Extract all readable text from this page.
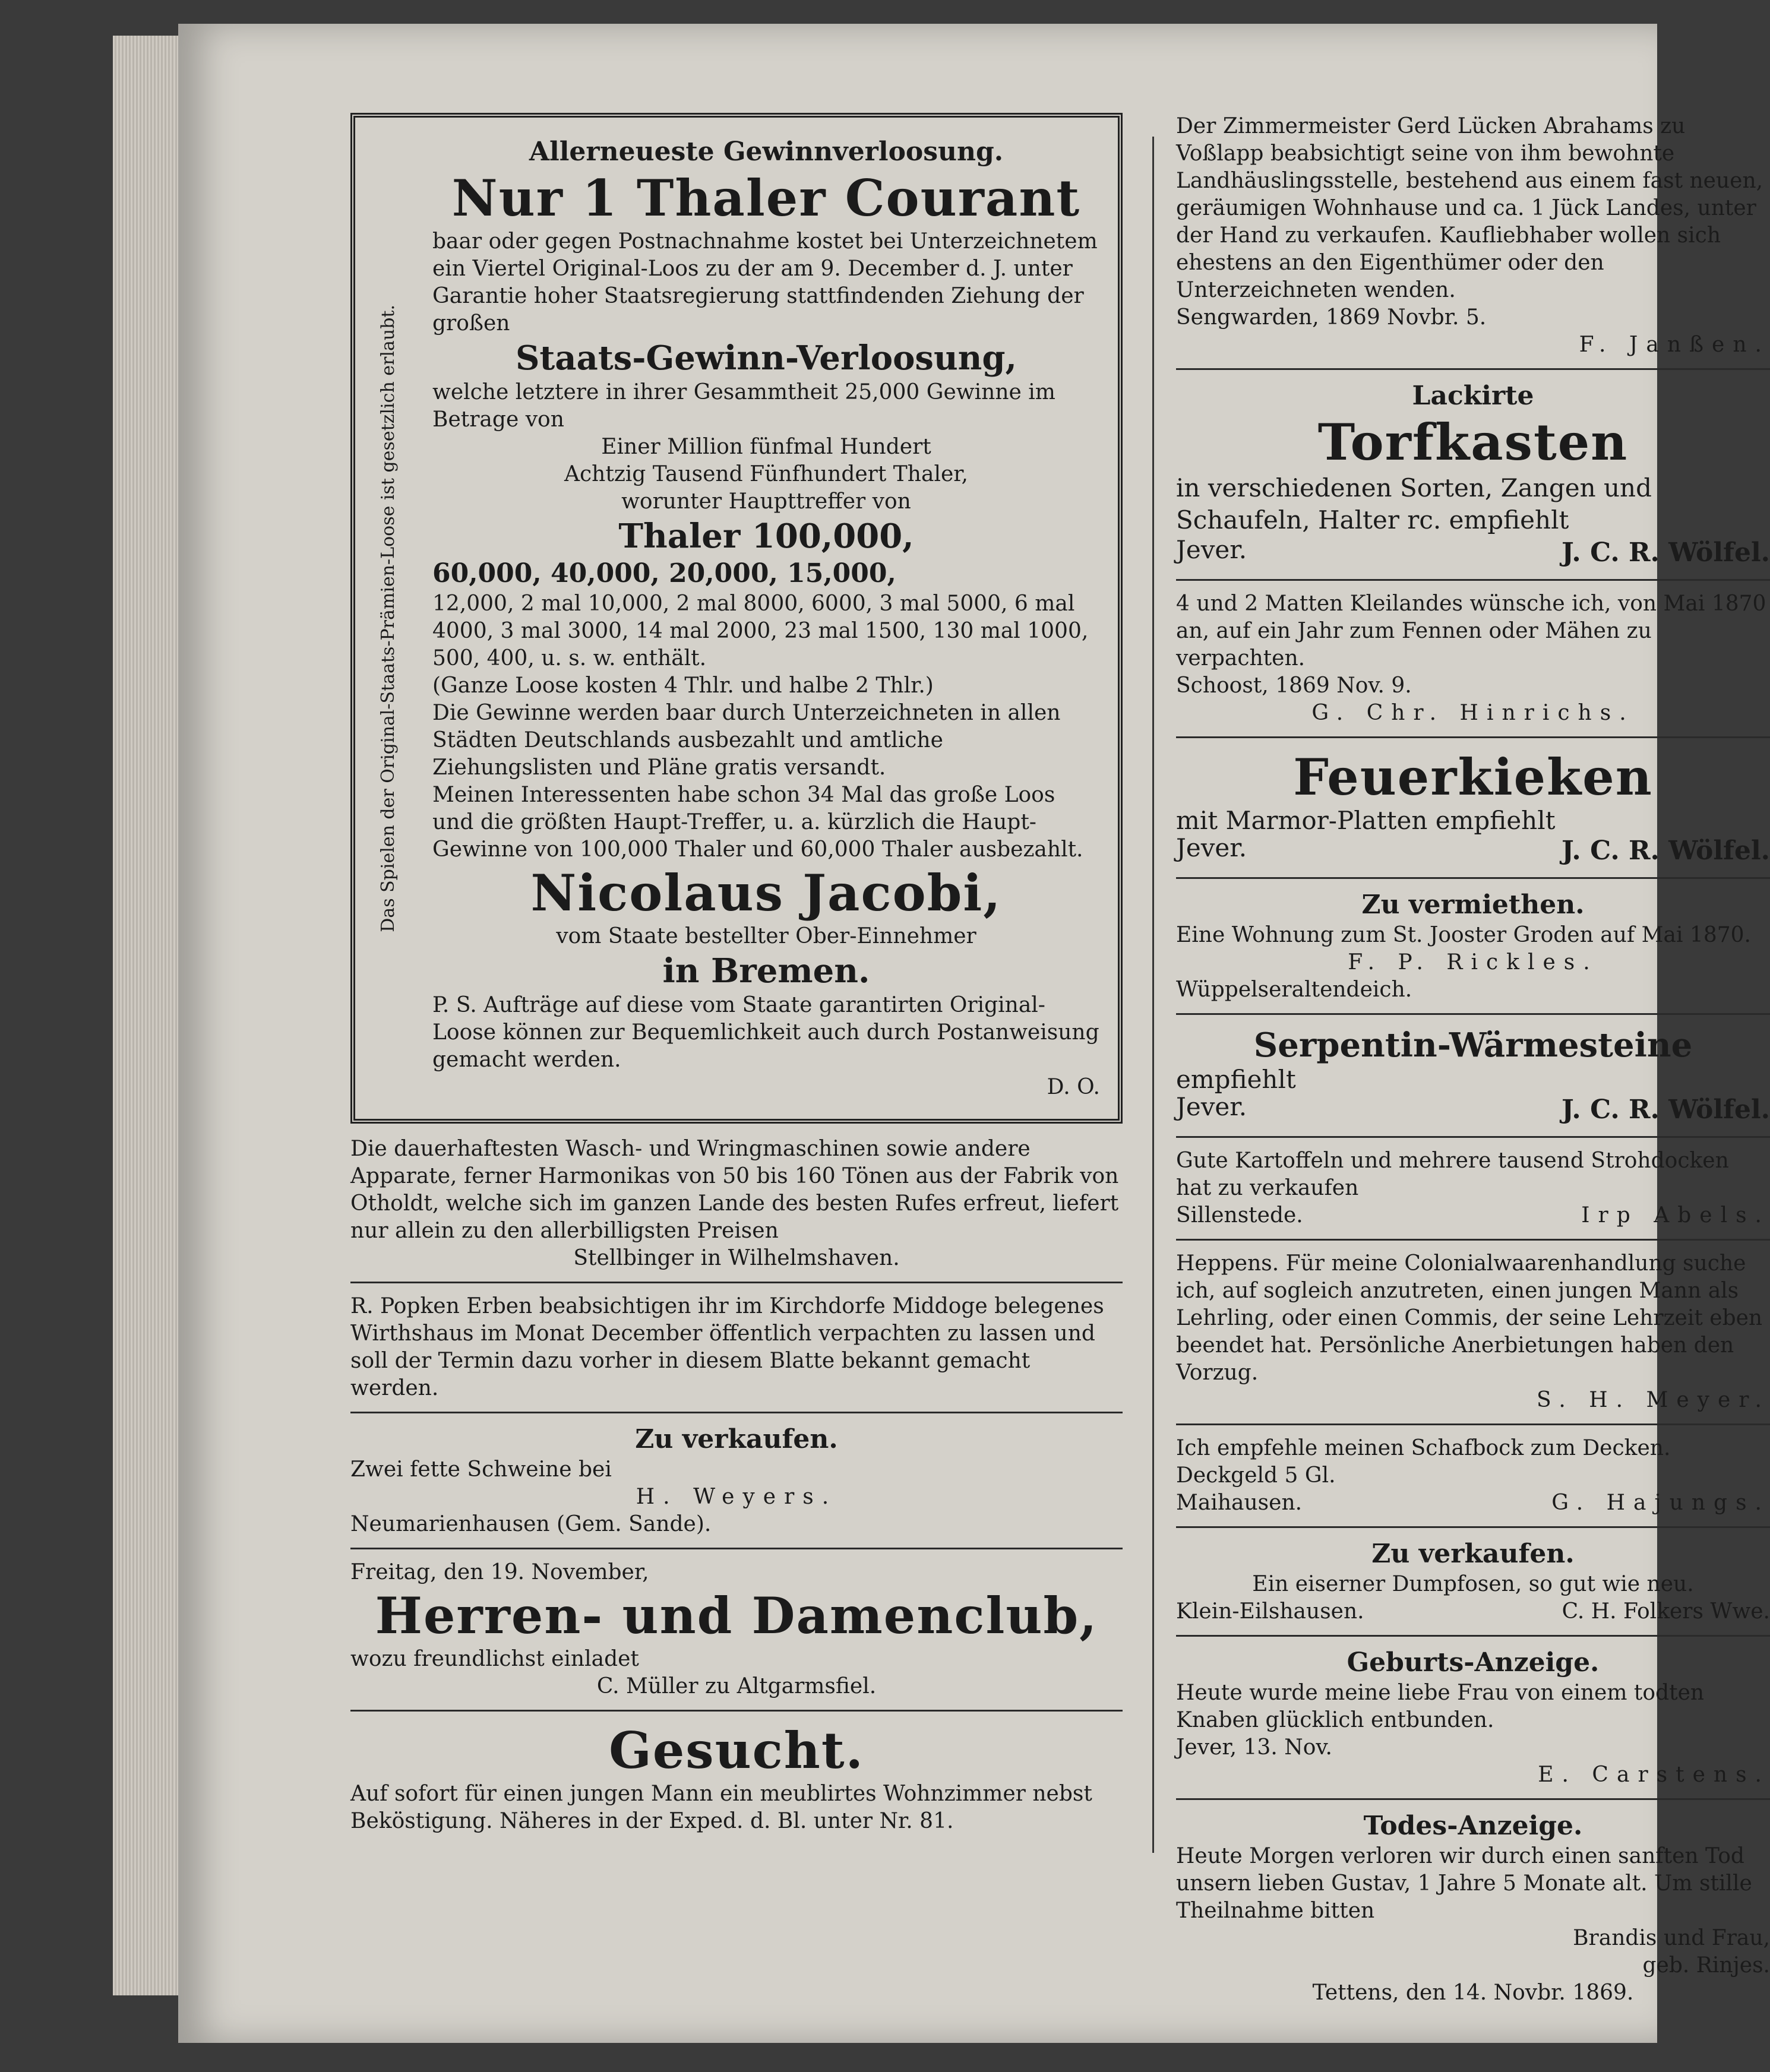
Das Spielen der Original-Staats-Prämien-Loose ist gesetzlich erlaubt.

Allerneueste Gewinnverloosung.

Nur 1 Thaler Courant

baar oder gegen Postnachnahme kostet bei Unterzeichnetem ein Viertel Original-Loos zu der am 9. December d. J. unter Garantie hoher Staatsregierung stattfindenden Ziehung der großen

Staats-Gewinn-Verloosung,

welche letztere in ihrer Gesammtheit 25,000 Gewinne im Betrage von

Einer Million fünfmal Hundert

Achtzig Tausend Fünfhundert Thaler,

worunter Haupttreffer von

Thaler 100,000,

60,000, 40,000, 20,000, 15,000,

12,000, 2 mal 10,000, 2 mal 8000, 6000, 3 mal 5000, 6 mal 4000, 3 mal 3000, 14 mal 2000, 23 mal 1500, 130 mal 1000, 500, 400, u. s. w. enthält.

(Ganze Loose kosten 4 Thlr. und halbe 2 Thlr.)

Die Gewinne werden baar durch Unterzeichneten in allen Städten Deutschlands ausbezahlt und amtliche Ziehungslisten und Pläne gratis versandt.

Meinen Interessenten habe schon 34 Mal das große Loos und die größten Haupt-Treffer, u. a. kürzlich die Haupt-Gewinne von 100,000 Thaler und 60,000 Thaler ausbezahlt.

Nicolaus Jacobi,

vom Staate bestellter Ober-Einnehmer

in Bremen.

P. S. Aufträge auf diese vom Staate garantirten Original-Loose können zur Bequemlichkeit auch durch Postanweisung gemacht werden.

D. O.

Die dauerhaftesten Wasch- und Wringmaschinen sowie andere Apparate, ferner Harmonikas von 50 bis 160 Tönen aus der Fabrik von Otholdt, welche sich im ganzen Lande des besten Rufes erfreut, liefert nur allein zu den allerbilligsten Preisen

Stellbinger in Wilhelmshaven.

R. Popken Erben beabsichtigen ihr im Kirchdorfe Middoge belegenes Wirthshaus im Monat December öffentlich verpachten zu lassen und soll der Termin dazu vorher in diesem Blatte bekannt gemacht werden.

Zu verkaufen.

Zwei fette Schweine bei

H. Weyers.

Neumarienhausen (Gem. Sande).

Freitag, den 19. November,

Herren- und Damenclub,

wozu freundlichst einladet

C. Müller zu Altgarmsfiel.

Gesucht.

Auf sofort für einen jungen Mann ein meublirtes Wohnzimmer nebst Beköstigung. Näheres in der Exped. d. Bl. unter Nr. 81.

Der Zimmermeister Gerd Lücken Abrahams zu Voßlapp beabsichtigt seine von ihm bewohnte Landhäuslingsstelle, bestehend aus einem fast neuen, geräumigen Wohnhause und ca. 1 Jück Landes, unter der Hand zu verkaufen. Kaufliebhaber wollen sich ehestens an den Eigenthümer oder den Unterzeichneten wenden.

Sengwarden, 1869 Novbr. 5.

F. Janßen.

Lackirte

Torfkasten

in verschiedenen Sorten, Zangen und Schaufeln, Halter rc. empfiehlt

Jever.	J. C. R. Wölfel.

4 und 2 Matten Kleilandes wünsche ich, von Mai 1870 an, auf ein Jahr zum Fennen oder Mähen zu verpachten.

Schoost, 1869 Nov. 9.

G. Chr. Hinrichs.

Feuerkieken

mit Marmor-Platten empfiehlt

Jever.	J. C. R. Wölfel.

Zu vermiethen.

Eine Wohnung zum St. Jooster Groden auf Mai 1870.

F. P. Rickles.

Wüppelseraltendeich.

Serpentin-Wärmesteine

empfiehlt

Jever.	J. C. R. Wölfel.

Gute Kartoffeln und mehrere tausend Strohdocken hat zu verkaufen

Sillenstede.	Irp Abels.

Heppens. Für meine Colonialwaarenhandlung suche ich, auf sogleich anzutreten, einen jungen Mann als Lehrling, oder einen Commis, der seine Lehrzeit eben beendet hat. Persönliche Anerbietungen haben den Vorzug.

S. H. Meyer.

Ich empfehle meinen Schafbock zum Decken. Deckgeld 5 Gl.

Maihausen.	G. Hajungs.

Zu verkaufen.

Ein eiserner Dumpfosen, so gut wie neu.

Klein-Eilshausen.	C. H. Folkers Wwe.

Geburts-Anzeige.

Heute wurde meine liebe Frau von einem todten Knaben glücklich entbunden.

Jever, 13. Nov.

E. Carstens.

Todes-Anzeige.

Heute Morgen verloren wir durch einen sanften Tod unsern lieben Gustav, 1 Jahre 5 Monate alt. Um stille Theilnahme bitten

Brandis und Frau,

geb. Rinjes.

Tettens, den 14. Novbr. 1869.
